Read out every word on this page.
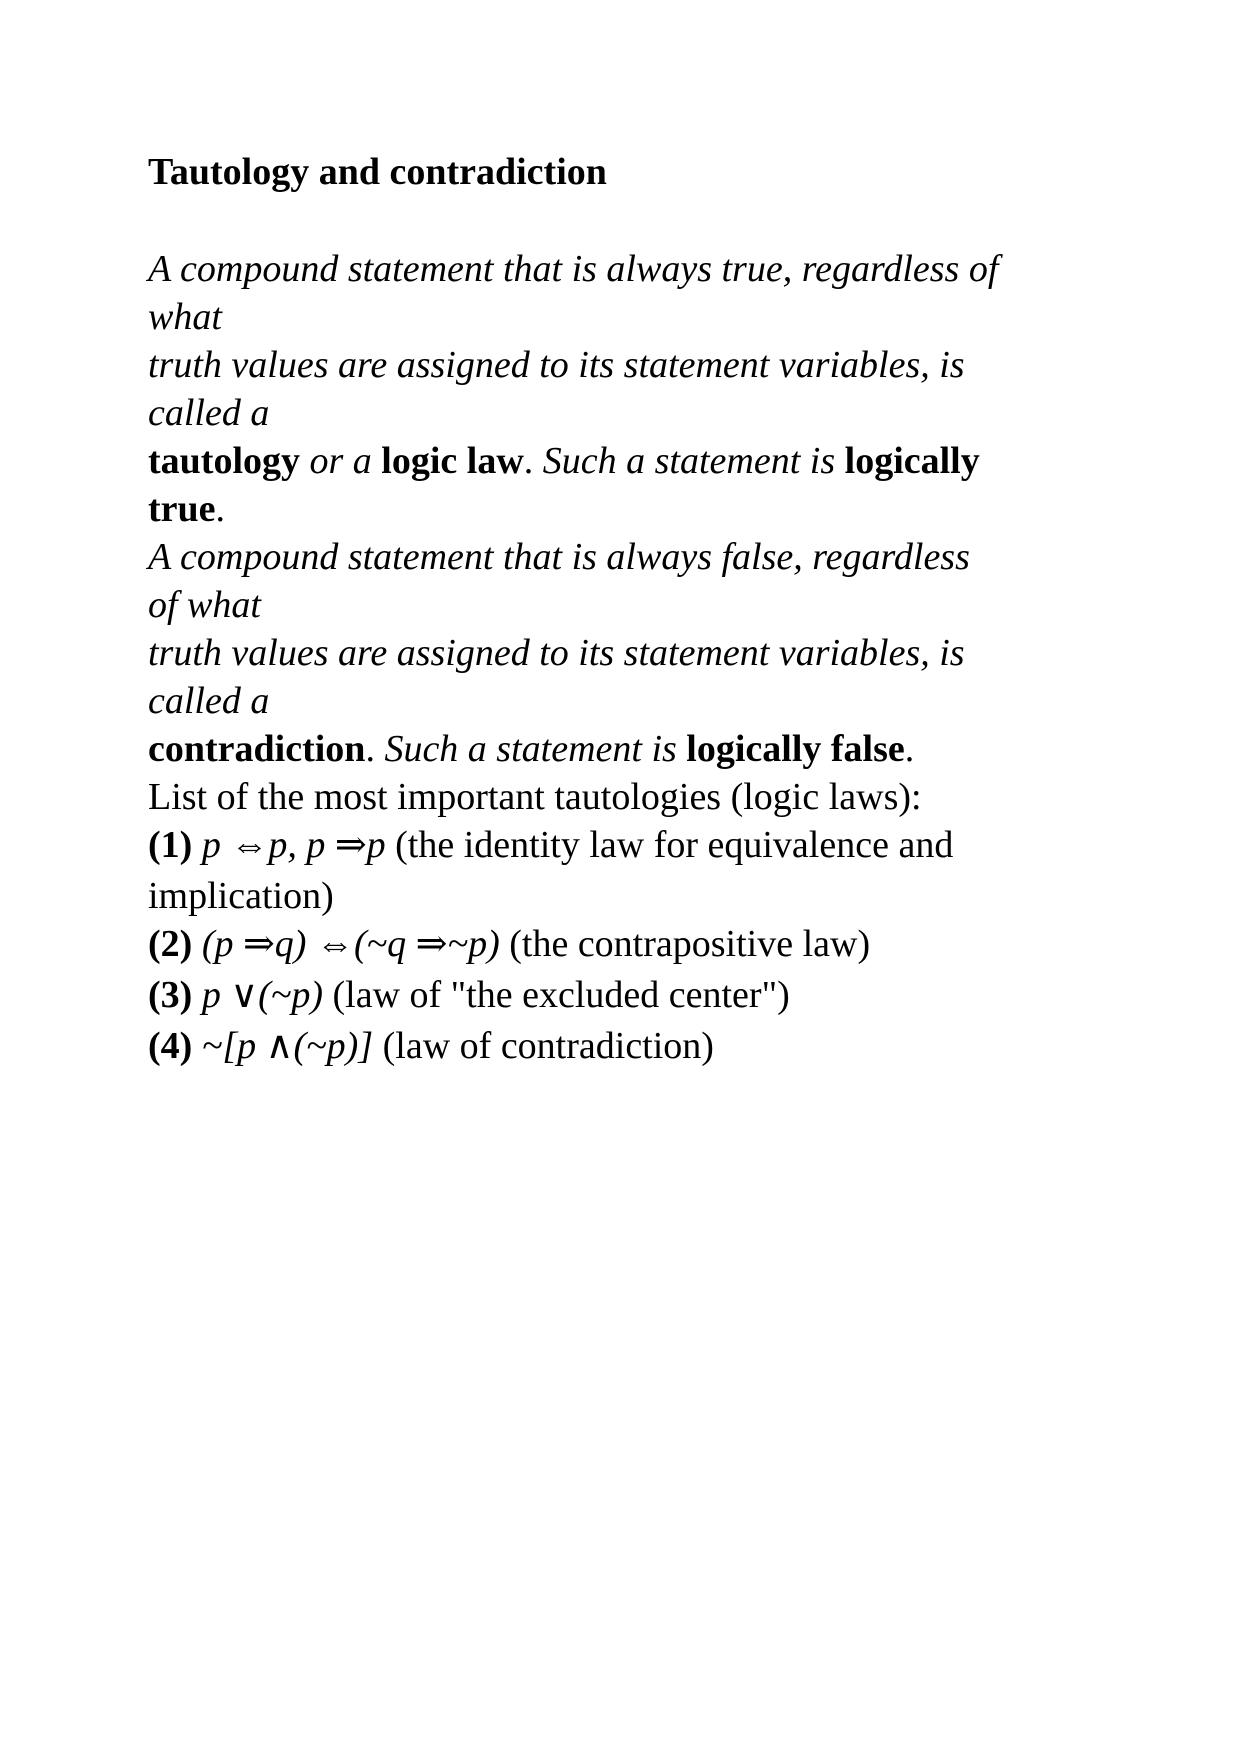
Tautology and contradiction
A compound statement that is always true, regardless of
what
truth values are assigned to its statement variables, is
called a
tautology or a logic law. Such a statement is logically
true.
A compound statement that is always false, regardless
of what
truth values are assigned to its statement variables, is
called a
contradiction. Such a statement is logically false.
List of the most important tautologies (logic laws):
(1) p ⇔p, p ⇒p (the identity law for equivalence and
implication)
(2) (p ⇒q) ⇔(~q ⇒~p) (the contrapositive law)
(3) p ∨(~p) (law of "the excluded center")
(4) ~[p ∧(~p)] (law of contradiction)
